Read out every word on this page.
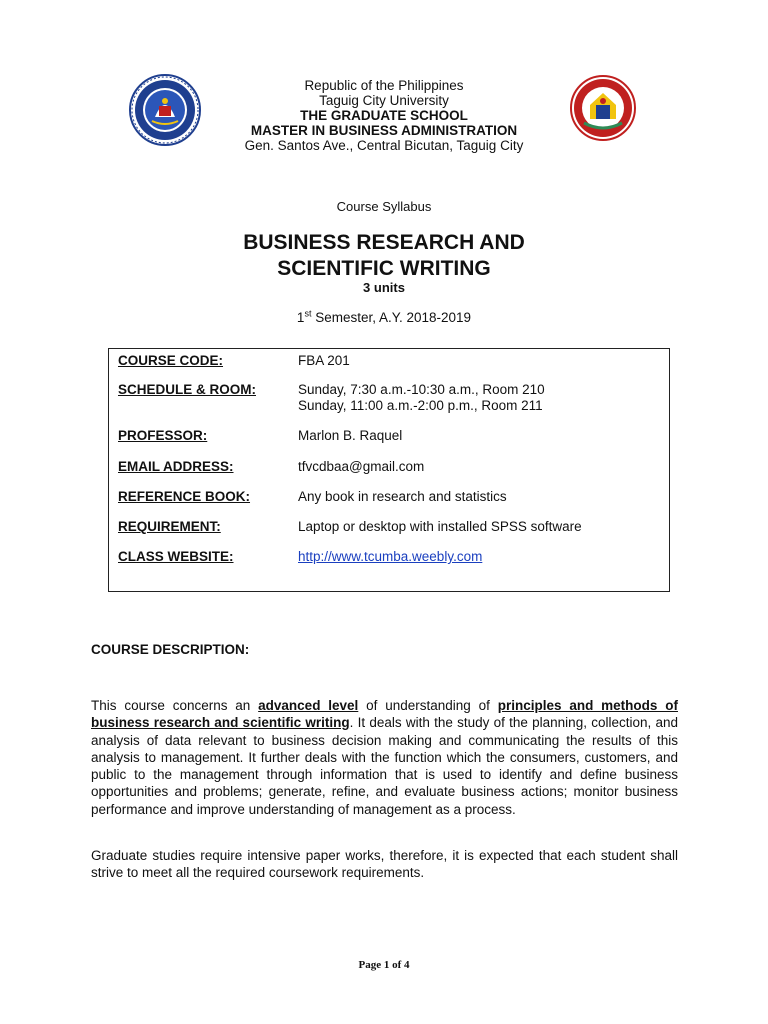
Republic of the Philippines
Taguig City University
THE GRADUATE SCHOOL
MASTER IN BUSINESS ADMINISTRATION
Gen. Santos Ave., Central Bicutan, Taguig City
Course Syllabus
BUSINESS RESEARCH AND
SCIENTIFIC WRITING
3 units
1st Semester, A.Y. 2018-2019
COURSE CODE:	FBA 201
SCHEDULE & ROOM:	Sunday, 7:30 a.m.-10:30 a.m., Room 210
Sunday, 11:00 a.m.-2:00 p.m., Room 211
PROFESSOR:	Marlon B. Raquel
EMAIL ADDRESS:	tfvcdbaa@gmail.com
REFERENCE BOOK:	Any book in research and statistics
REQUIREMENT:	Laptop or desktop with installed SPSS software
CLASS WEBSITE:	http://www.tcumba.weebly.com
COURSE DESCRIPTION:
This course concerns an advanced level of understanding of principles and methods of business research and scientific writing. It deals with the study of the planning, collection, and analysis of data relevant to business decision making and communicating the results of this analysis to management. It further deals with the function which the consumers, customers, and public to the management through information that is used to identify and define business opportunities and problems; generate, refine, and evaluate business actions; monitor business performance and improve understanding of management as a process.
Graduate studies require intensive paper works, therefore, it is expected that each student shall strive to meet all the required coursework requirements.
Page 1 of 4
